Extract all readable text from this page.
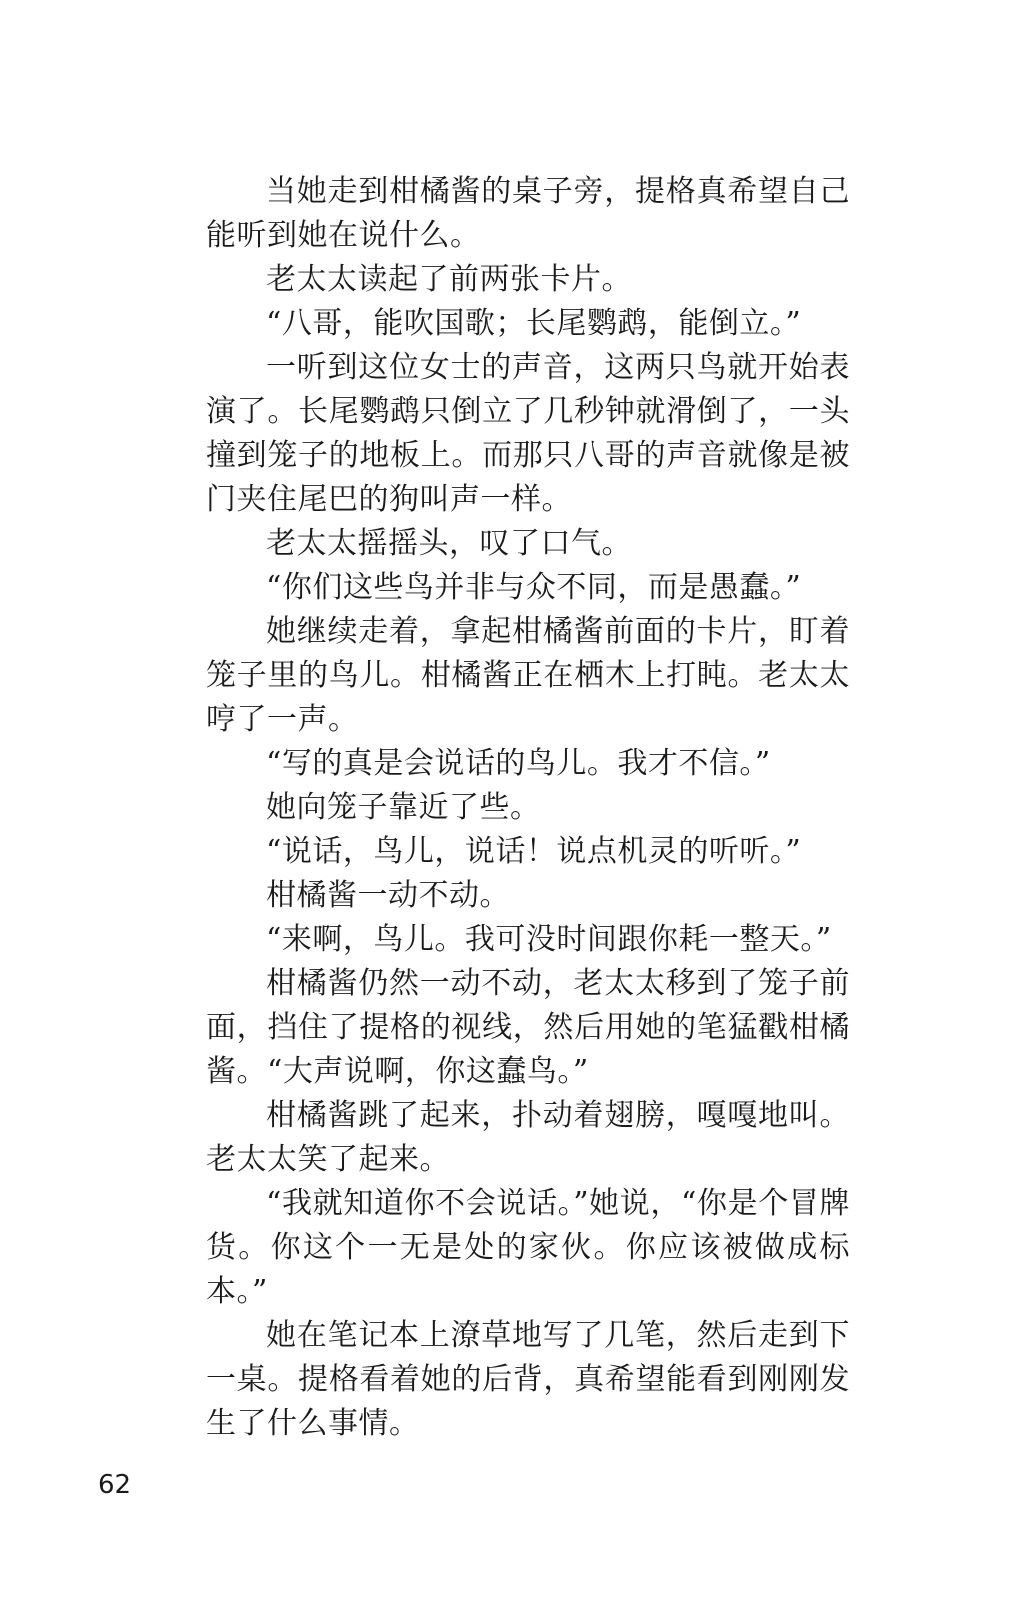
当她走到柑橘酱的桌子旁，提格真希望自己能听到她在说什么。

老太太读起了前两张卡片。

“八哥，能吹国歌；长尾鹦鹉，能倒立。”

一听到这位女士的声音，这两只鸟就开始表演了。长尾鹦鹉只倒立了几秒钟就滑倒了，一头撞到笼子的地板上。而那只八哥的声音就像是被门夹住尾巴的狗叫声一样。

老太太摇摇头，叹了口气。

“你们这些鸟并非与众不同，而是愚蠢。”

她继续走着，拿起柑橘酱前面的卡片，盯着笼子里的鸟儿。柑橘酱正在栖木上打盹。老太太哼了一声。

“写的真是会说话的鸟儿。我才不信。”

她向笼子靠近了些。

“说话，鸟儿，说话！说点机灵的听听。”

柑橘酱一动不动。

“来啊，鸟儿。我可没时间跟你耗一整天。”

柑橘酱仍然一动不动，老太太移到了笼子前面，挡住了提格的视线，然后用她的笔猛戳柑橘酱。“大声说啊，你这蠢鸟。”

柑橘酱跳了起来，扑动着翅膀，嘎嘎地叫。老太太笑了起来。

“我就知道你不会说话。”她说，“你是个冒牌货。你这个一无是处的家伙。你应该被做成标本。”

她在笔记本上潦草地写了几笔，然后走到下一桌。提格看着她的后背，真希望能看到刚刚发生了什么事情。

62
